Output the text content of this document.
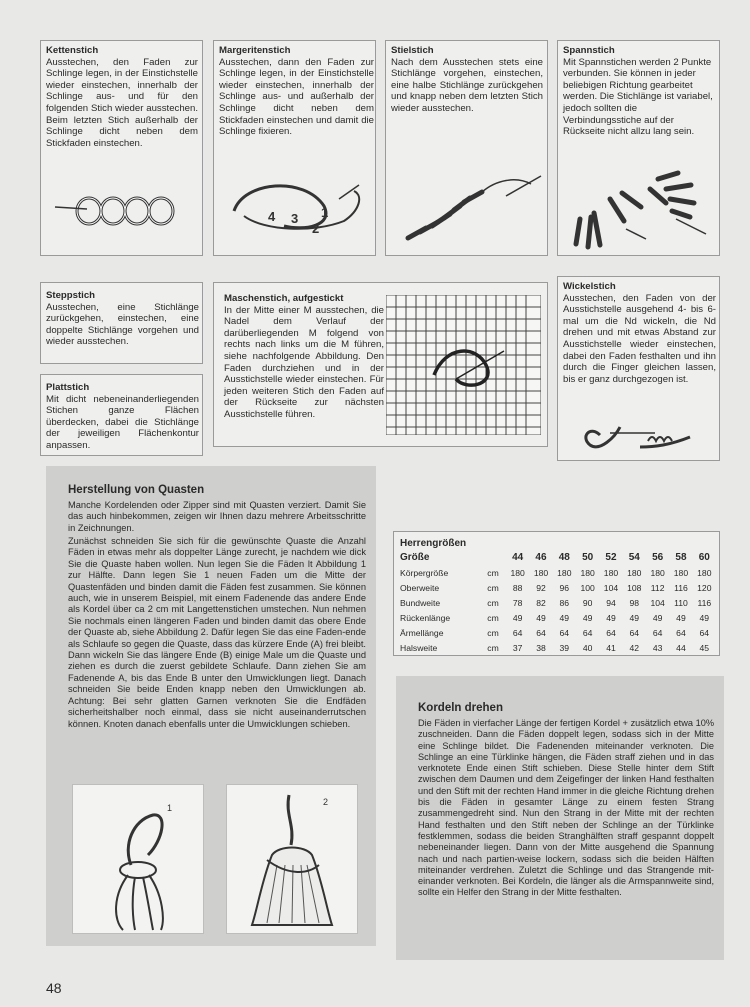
Kettenstich
Ausstechen, den Faden zur Schlinge legen, in der Einstichstelle wieder einstechen, innerhalb der Schlinge aus- und für den folgenden Stich wieder ausstechen. Beim letzten Stich außerhalb der Schlinge dicht neben dem Stickfaden einstechen.
Margeritenstich
Ausstechen, dann den Faden zur Schlinge legen, in der Einstichstelle wieder einstechen, innerhalb der Schlinge aus- und außerhalb der Schlinge dicht neben dem Stickfaden einstechen und damit die Schlinge fixieren.
4 3
2
1
Stielstich
Nach dem Ausstechen stets eine Stichlänge vorgehen, einstechen, eine halbe Stichlänge zurückgehen und knapp neben dem letzten Stich wieder ausstechen.
Spannstich
Mit Spannstichen werden 2 Punkte verbunden. Sie können in jeder beliebigen Richtung gearbeitet werden. Die Stichlänge ist variabel, jedoch sollten die Verbindungsstiche auf der Rückseite nicht allzu lang sein.
Steppstich
Ausstechen, eine Stichlänge zurückgehen, einstechen, eine doppelte Stichlänge vorgehen und wieder ausstechen.
Plattstich
Mit dicht nebeneinanderliegenden Stichen ganze Flächen überdecken, dabei die Stichlänge der jeweiligen Flächenkontur anpassen.
Maschenstich, aufgestickt
In der Mitte einer M ausstechen, die Nadel dem Verlauf der darüberliegenden M folgend von rechts nach links um die M führen, siehe nachfolgende Abbildung. Den Faden durchziehen und in der Ausstichstelle wieder einstechen. Für jeden weiteren Stich den Faden auf der Rückseite zur nächsten Ausstichstelle führen.
Wickelstich
Ausstechen, den Faden von der Ausstichstelle ausgehend 4- bis 6-mal um die Nd wickeln, die Nd drehen und mit etwas Abstand zur Ausstichstelle wieder einstechen, dabei den Faden festhalten und ihn durch die Finger gleichen lassen, bis er ganz durchgezogen ist.
Herstellung von Quasten
Manche Kordelenden oder Zipper sind mit Quasten verziert. Damit Sie das auch hinbekommen, zeigen wir Ihnen dazu mehrere Arbeitsschritte in Zeichnungen.
Zunächst schneiden Sie sich für die gewünschte Quaste die Anzahl Fäden in etwas mehr als doppelter Länge zurecht, je nachdem wie dick Sie die Quaste haben wollen. Nun legen Sie die Fäden lt Abbildung 1 zur Hälfte. Dann legen Sie 1 neuen Faden um die Mitte der Quastenfäden und binden damit die Fäden fest zusammen. Sie können auch, wie in unserem Beispiel, mit einem Fadenende das andere Ende als Kordel über ca 2 cm mit Langettenstichen umstechen. Nun nehmen Sie nochmals einen längeren Faden und binden damit das obere Ende der Quaste ab, siehe Abbildung 2. Dafür legen Sie das eine Faden-ende als Schlaufe so gegen die Quaste, dass das kürzere Ende (A) frei bleibt. Dann wickeln Sie das längere Ende (B) einige Male um die Quaste und ziehen es durch die zuerst gebildete Schlaufe. Dann ziehen Sie am Fadenende A, bis das Ende B unter den Umwicklungen liegt. Danach schneiden Sie beide Enden knapp neben den Umwicklungen ab. Achtung: Bei sehr glatten Garnen verknoten Sie die Endfäden sicherheitshalber noch einmal, dass sie nicht auseinanderrutschen können. Knoten danach ebenfalls unter die Umwicklungen schieben.
1
2
Herrengrößen
Größe		44	46	48	50	52	54	56	58	60
Körpergröße	cm	180	180	180	180	180	180	180	180	180
Oberweite	cm	88	92	96	100	104	108	112	116	120
Bundweite	cm	78	82	86	90	94	98	104	110	116
Rückenlänge	cm	49	49	49	49	49	49	49	49	49
Ärmellänge	cm	64	64	64	64	64	64	64	64	64
Halsweite	cm	37	38	39	40	41	42	43	44	45
Kordeln drehen
Die Fäden in vierfacher Länge der fertigen Kordel + zusätzlich etwa 10% zuschneiden. Dann die Fäden doppelt legen, sodass sich in der Mitte eine Schlinge bildet. Die Fadenenden miteinander verknoten. Die Schlinge an eine Türklinke hängen, die Fäden straff ziehen und in das verknotete Ende einen Stift schieben. Diese Stelle hinter dem Stift zwischen dem Daumen und dem Zeigefinger der linken Hand festhalten und den Stift mit der rechten Hand immer in die gleiche Richtung drehen bis die Fäden in gesamter Länge zu einem festen Strang zusammengedreht sind. Nun den Strang in der Mitte mit der rechten Hand festhalten und den Stift neben der Schlinge an der Türklinke festklemmen, sodass die beiden Stranghälften straff gespannt doppelt nebeneinander liegen. Dann von der Mitte ausgehend die Spannung nach und nach partien-weise lockern, sodass sich die beiden Hälften miteinander verdrehen. Zuletzt die Schlinge und das Strangende mit-einander verknoten. Bei Kordeln, die länger als die Armspannweite sind, sollte ein Helfer den Strang in der Mitte festhalten.
48
